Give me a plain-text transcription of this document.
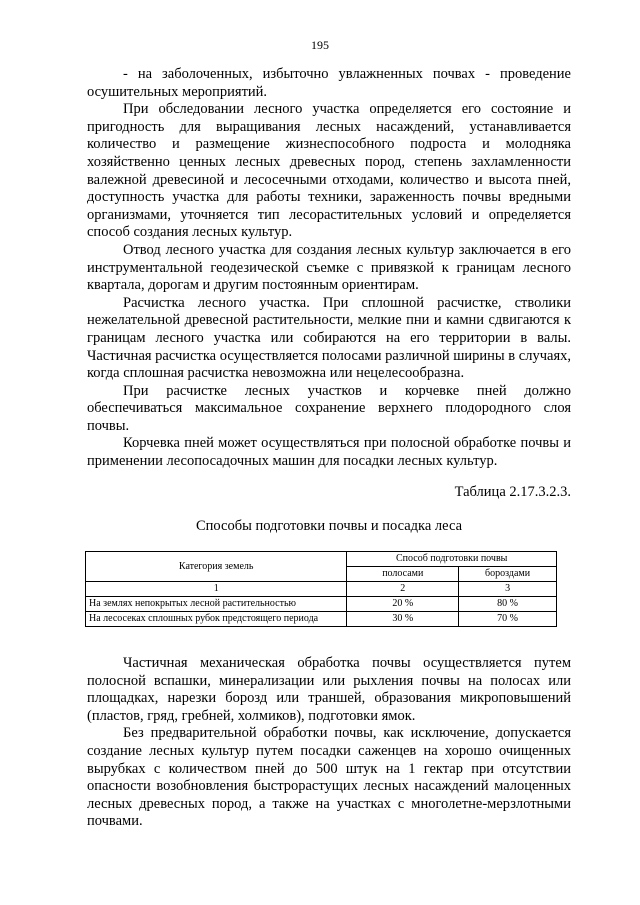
195

- на заболоченных, избыточно увлажненных почвах - проведение осушительных мероприятий.

При обследовании лесного участка определяется его состояние и пригодность для выращивания лесных насаждений, устанавливается количество и размещение жизнеспособного подроста и молодняка хозяйственно ценных лесных древесных пород, степень захламленности валежной древесиной и лесосечными отходами, количество и высота пней, доступность участка для работы техники, зараженность почвы вредными организмами, уточняется тип лесорастительных условий и определяется способ создания лесных культур.

Отвод лесного участка для создания лесных культур заключается в его инструментальной геодезической съемке с привязкой к границам лесного квартала, дорогам и другим постоянным ориентирам.

Расчистка лесного участка. При сплошной расчистке, стволики нежелательной древесной растительности, мелкие пни и камни сдвигаются к границам лесного участка или собираются на его территории в валы. Частичная расчистка осуществляется полосами различной ширины в случаях, когда сплошная расчистка невозможна или нецелесообразна.

При расчистке лесных участков и корчевке пней должно обеспечиваться максимальное сохранение верхнего плодородного слоя почвы.

Корчевка пней может осуществляться при полосной обработке почвы и применении лесопосадочных машин для посадки лесных культур.

Таблица 2.17.3.2.3.
Способы подготовки почвы и посадка леса
Категория земель	Способ подготовки почвы	
	полосами	бороздами
1	2	3
На землях непокрытых лесной растительностью	20 %	80 %
На лесосеках сплошных рубок предстоящего периода	30 %	70 %

Частичная механическая обработка почвы осуществляется путем полосной вспашки, минерализации или рыхления почвы на полосах или площадках, нарезки борозд или траншей, образования микроповышений (пластов, гряд, гребней, холмиков), подготовки ямок.

Без предварительной обработки почвы, как исключение, допускается создание лесных культур путем посадки саженцев на хорошо очищенных вырубках с количеством пней до 500 штук на 1 гектар при отсутствии опасности возобновления быстрорастущих лесных насаждений малоценных лесных древесных пород, а также на участках с многолетне-мерзлотными почвами.
